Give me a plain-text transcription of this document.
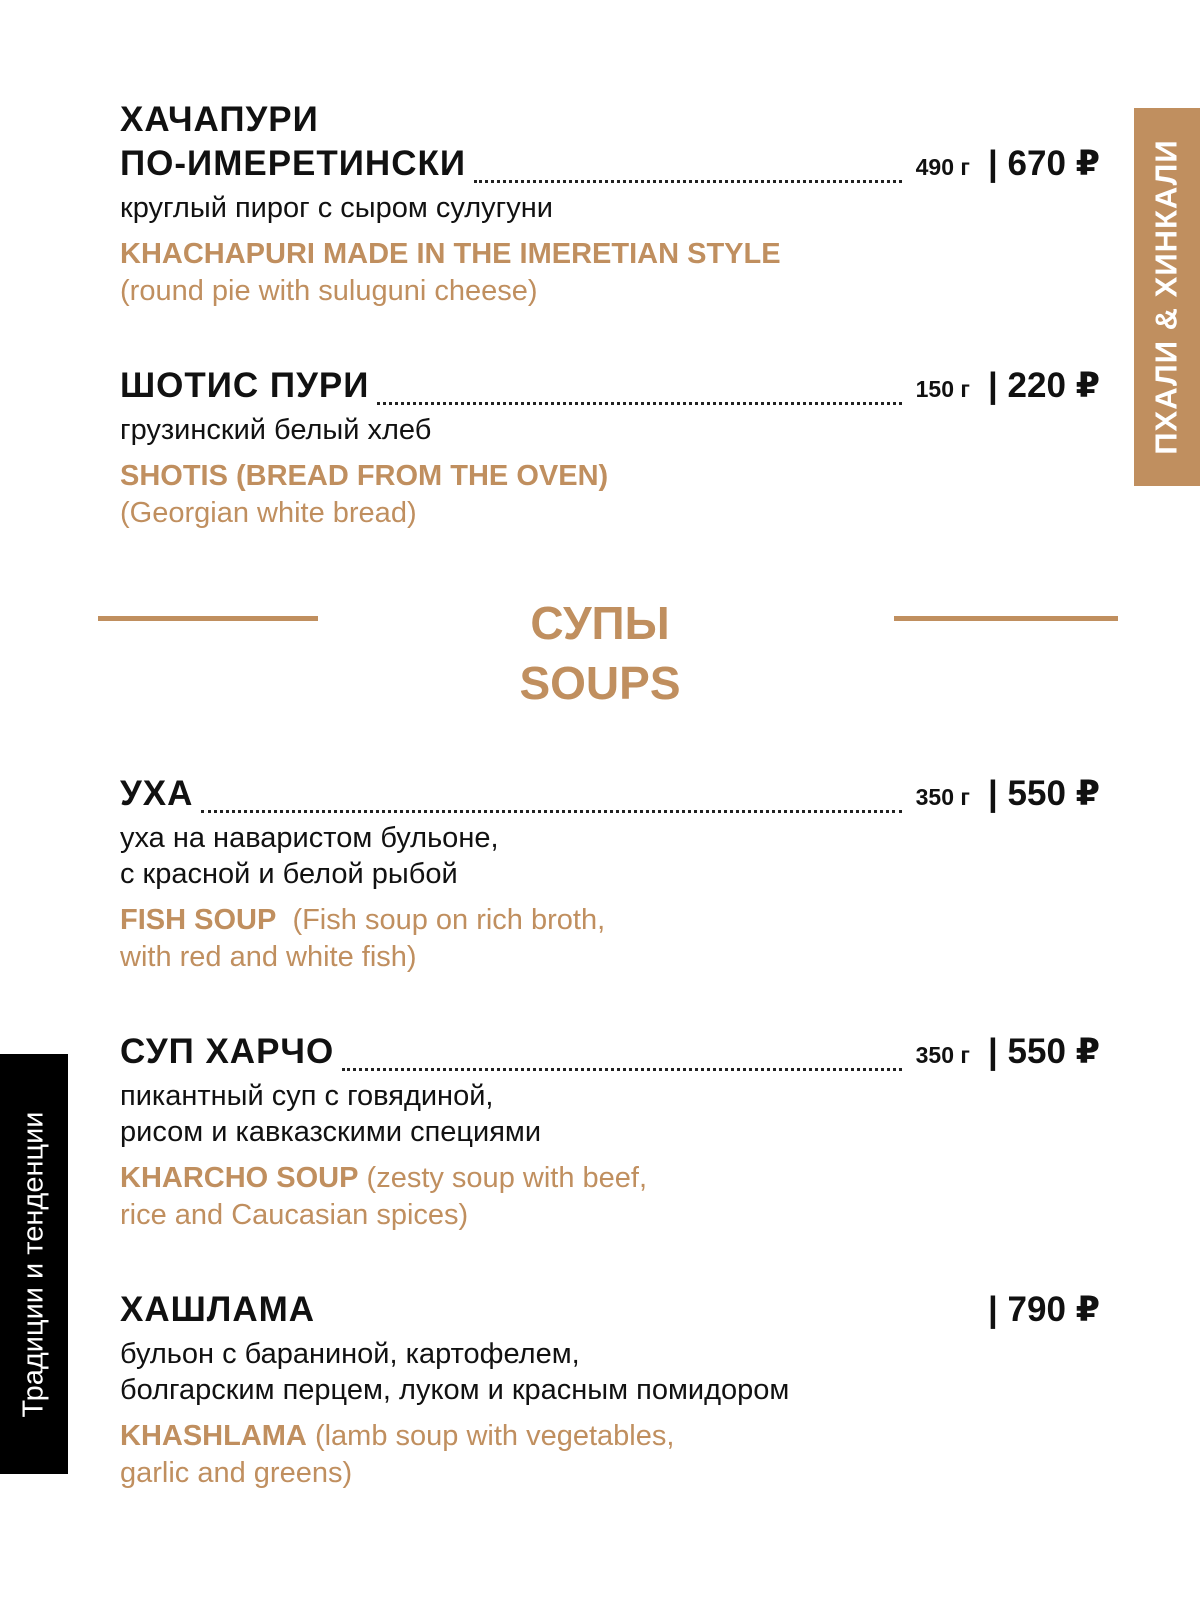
ПХАЛИ & ХИНКАЛИ
Традиции и тенденции
ХАЧАПУРИ
ПО-ИМЕРЕТИНСКИ	490 г | 670 ₽
круглый пирог с сыром сулугуни
KHACHAPURI MADE IN THE IMERETIAN STYLE
(round pie with suluguni cheese)
ШОТИС ПУРИ	150 г | 220 ₽
грузинский белый хлеб
SHOTIS (BREAD FROM THE OVEN)
(Georgian white bread)
СУПЫ
SOUPS
УХА	350 г | 550 ₽
уха на наваристом бульоне,
с красной и белой рыбой
FISH SOUP (Fish soup on rich broth,
with red and white fish)
СУП ХАРЧО	350 г | 550 ₽
пикантный суп с говядиной,
рисом и кавказскими специями
KHARCHO SOUP (zesty soup with beef,
rice and Caucasian spices)
ХАШЛАМА	| 790 ₽
бульон с бараниной, картофелем,
болгарским перцем, луком и красным помидором
KHASHLAMA (lamb soup with vegetables,
garlic and greens)
